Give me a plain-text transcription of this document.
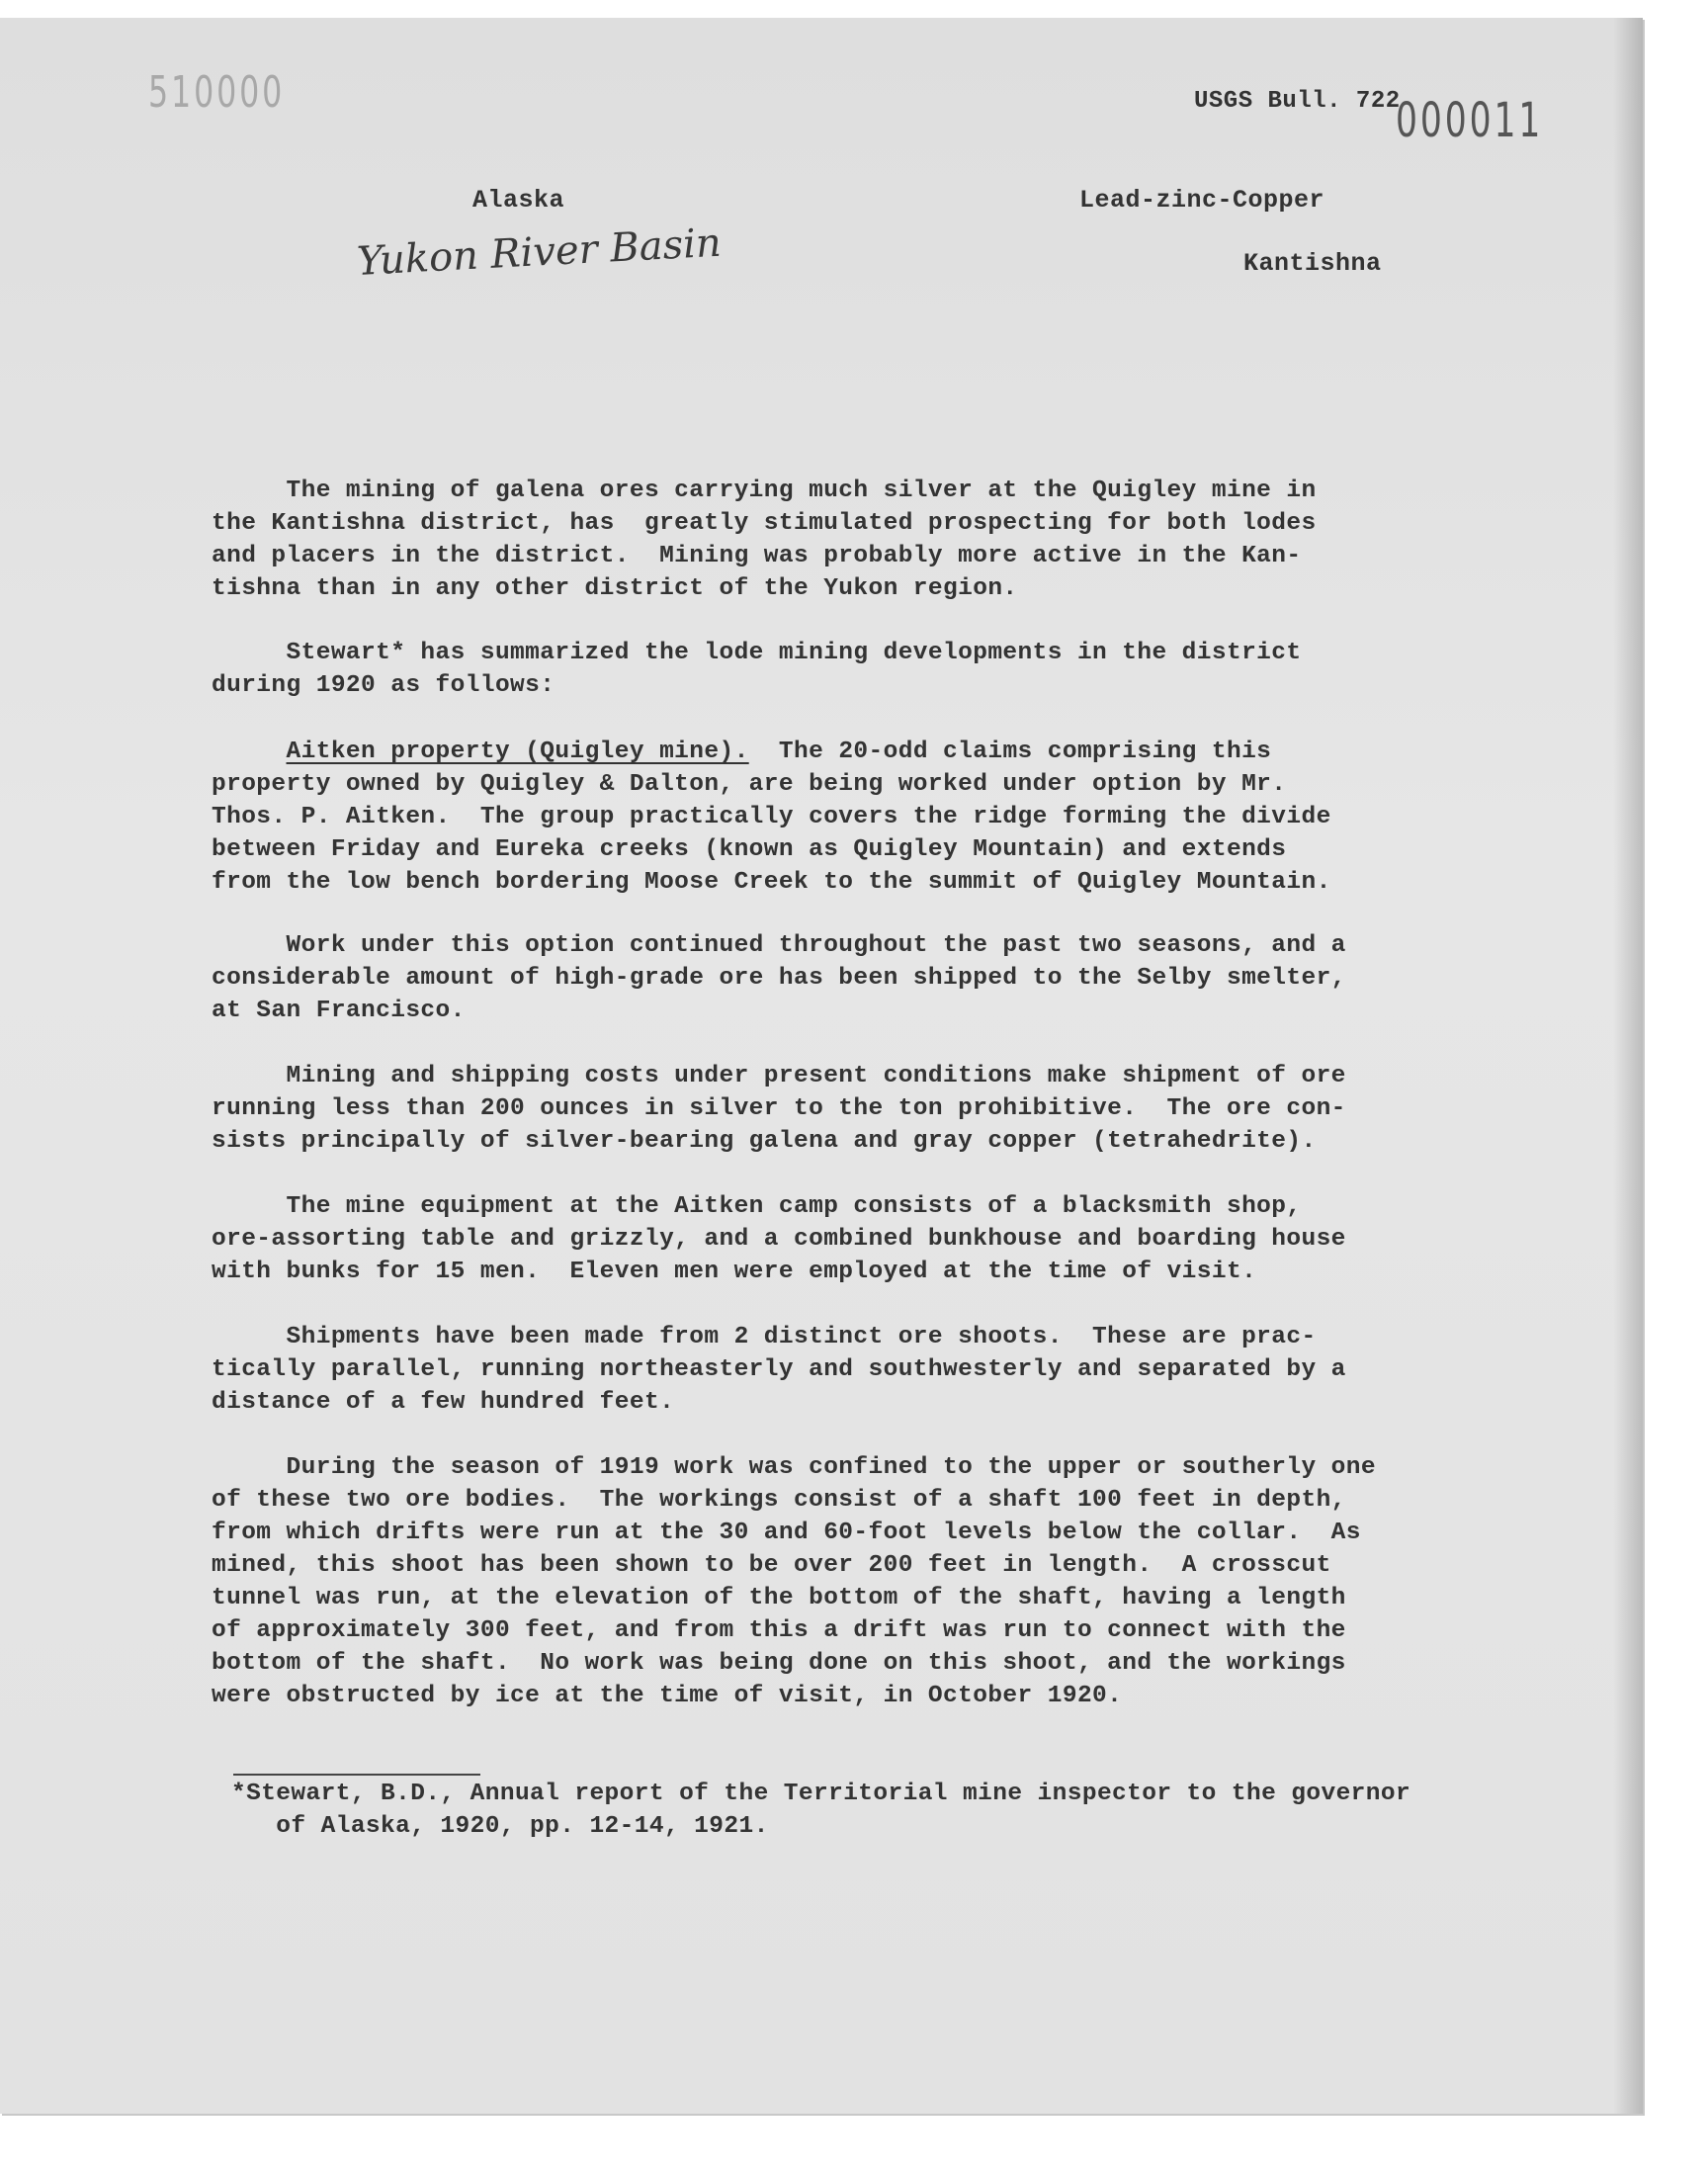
510000	USGS Bull. 722
000011
Alaska	Lead-zinc-Copper
Yukon River Basin	Kantishna
The mining of galena ores carrying much silver at the Quigley mine in
the Kantishna district, has  greatly stimulated prospecting for both lodes
and placers in the district.  Mining was probably more active in the Kan-
tishna than in any other district of the Yukon region.
Stewart* has summarized the lode mining developments in the district
during 1920 as follows:
Aitken property (Quigley mine).  The 20-odd claims comprising this
property owned by Quigley & Dalton, are being worked under option by Mr.
Thos. P. Aitken.  The group practically covers the ridge forming the divide
between Friday and Eureka creeks (known as Quigley Mountain) and extends
from the low bench bordering Moose Creek to the summit of Quigley Mountain.
Work under this option continued throughout the past two seasons, and a
considerable amount of high-grade ore has been shipped to the Selby smelter,
at San Francisco.
Mining and shipping costs under present conditions make shipment of ore
running less than 200 ounces in silver to the ton prohibitive.  The ore con-
sists principally of silver-bearing galena and gray copper (tetrahedrite).
The mine equipment at the Aitken camp consists of a blacksmith shop,
ore-assorting table and grizzly, and a combined bunkhouse and boarding house
with bunks for 15 men.  Eleven men were employed at the time of visit.
Shipments have been made from 2 distinct ore shoots.  These are prac-
tically parallel, running northeasterly and southwesterly and separated by a
distance of a few hundred feet.
During the season of 1919 work was confined to the upper or southerly one
of these two ore bodies.  The workings consist of a shaft 100 feet in depth,
from which drifts were run at the 30 and 60-foot levels below the collar.  As
mined, this shoot has been shown to be over 200 feet in length.  A crosscut
tunnel was run, at the elevation of the bottom of the shaft, having a length
of approximately 300 feet, and from this a drift was run to connect with the
bottom of the shaft.  No work was being done on this shoot, and the workings
were obstructed by ice at the time of visit, in October 1920.
*Stewart, B.D., Annual report of the Territorial mine inspector to the governor
of Alaska, 1920, pp. 12-14, 1921.
